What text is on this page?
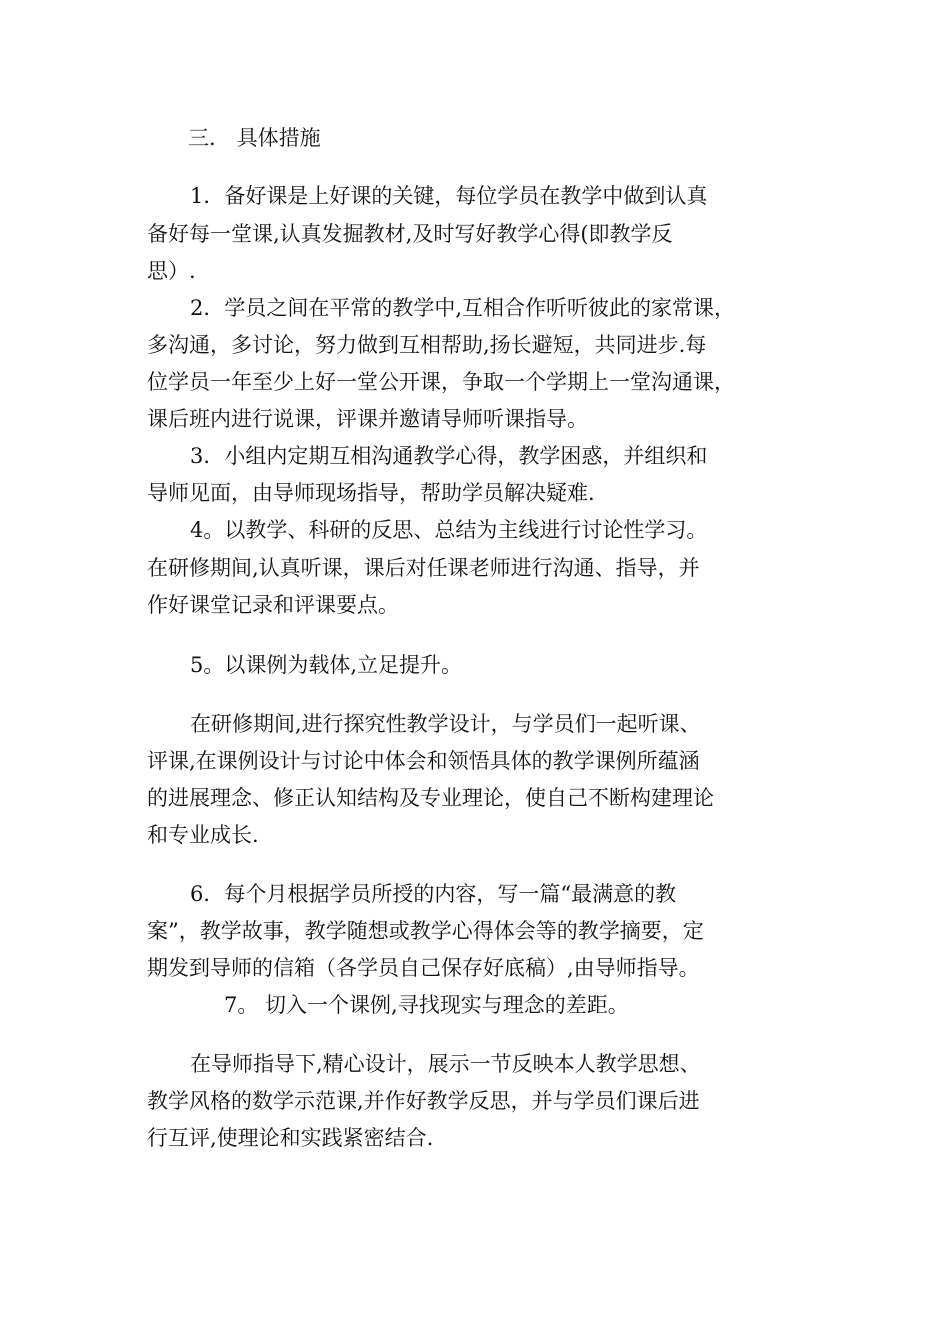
三.　具体措施
1．备好课是上好课的关键，每位学员在教学中做到认真
备好每一堂课,认真发掘教材,及时写好教学心得(即教学反
思）.
2．学员之间在平常的教学中,互相合作听听彼此的家常课，
多沟通，多讨论，努力做到互相帮助,扬长避短，共同进步.每
位学员一年至少上好一堂公开课，争取一个学期上一堂沟通课，
课后班内进行说课，评课并邀请导师听课指导。
3．小组内定期互相沟通教学心得，教学困惑，并组织和
导师见面，由导师现场指导，帮助学员解决疑难.
4。以教学、科研的反思、总结为主线进行讨论性学习。
在研修期间,认真听课，课后对任课老师进行沟通、指导，并
作好课堂记录和评课要点。
5。以课例为载体,立足提升。
在研修期间,进行探究性教学设计，与学员们一起听课、
评课,在课例设计与讨论中体会和领悟具体的教学课例所蕴涵
的进展理念、修正认知结构及专业理论，使自己不断构建理论
和专业成长.
6．每个月根据学员所授的内容，写一篇“最满意的教
案”，教学故事，教学随想或教学心得体会等的教学摘要，定
期发到导师的信箱（各学员自己保存好底稿）,由导师指导。
7。 切入一个课例,寻找现实与理念的差距。
在导师指导下,精心设计，展示一节反映本人教学思想、
教学风格的数学示范课,并作好教学反思，并与学员们课后进
行互评,使理论和实践紧密结合.
